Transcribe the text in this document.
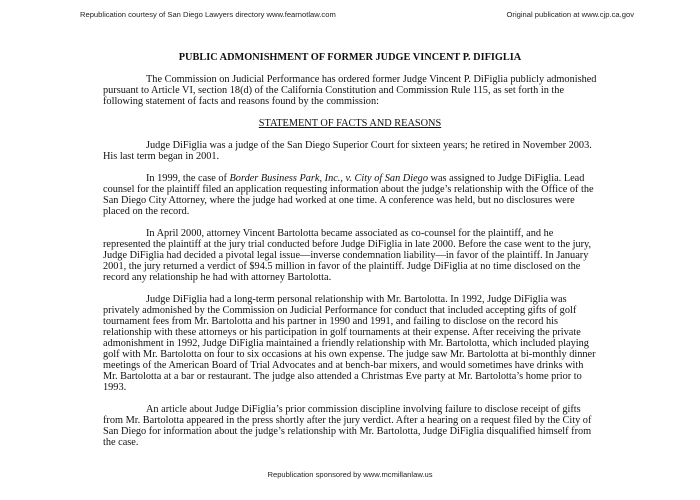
Republication courtesy of San Diego Lawyers directory www.fearnotlaw.com	Original publication at www.cjp.ca.gov
PUBLIC ADMONISHMENT OF FORMER JUDGE VINCENT P. DIFIGLIA

The Commission on Judicial Performance has ordered former Judge Vincent P. DiFiglia publicly admonished pursuant to Article VI, section 18(d) of the California Constitution and Commission Rule 115, as set forth in the following statement of facts and reasons found by the commission:

STATEMENT OF FACTS AND REASONS

Judge DiFiglia was a judge of the San Diego Superior Court for sixteen years; he retired in November 2003. His last term began in 2001.

In 1999, the case of Border Business Park, Inc., v. City of San Diego was assigned to Judge DiFiglia. Lead counsel for the plaintiff filed an application requesting information about the judge’s relationship with the Office of the San Diego City Attorney, where the judge had worked at one time. A conference was held, but no disclosures were placed on the record.

In April 2000, attorney Vincent Bartolotta became associated as co-counsel for the plaintiff, and he represented the plaintiff at the jury trial conducted before Judge DiFiglia in late 2000. Before the case went to the jury, Judge DiFiglia had decided a pivotal legal issue—inverse condemnation liability—in favor of the plaintiff. In January 2001, the jury returned a verdict of $94.5 million in favor of the plaintiff. Judge DiFiglia at no time disclosed on the record any relationship he had with attorney Bartolotta.

Judge DiFiglia had a long-term personal relationship with Mr. Bartolotta. In 1992, Judge DiFiglia was privately admonished by the Commission on Judicial Performance for conduct that included accepting gifts of golf tournament fees from Mr. Bartolotta and his partner in 1990 and 1991, and failing to disclose on the record his relationship with these attorneys or his participation in golf tournaments at their expense. After receiving the private admonishment in 1992, Judge DiFiglia maintained a friendly relationship with Mr. Bartolotta, which included playing golf with Mr. Bartolotta on four to six occasions at his own expense. The judge saw Mr. Bartolotta at bi-monthly dinner meetings of the American Board of Trial Advocates and at bench-bar mixers, and would sometimes have drinks with Mr. Bartolotta at a bar or restaurant. The judge also attended a Christmas Eve party at Mr. Bartolotta’s home prior to 1993.

An article about Judge DiFiglia’s prior commission discipline involving failure to disclose receipt of gifts from Mr. Bartolotta appeared in the press shortly after the jury verdict. After a hearing on a request filed by the City of San Diego for information about the judge’s relationship with Mr. Bartolotta, Judge DiFiglia disqualified himself from the case.

Republication sponsored by www.mcmillanlaw.us
